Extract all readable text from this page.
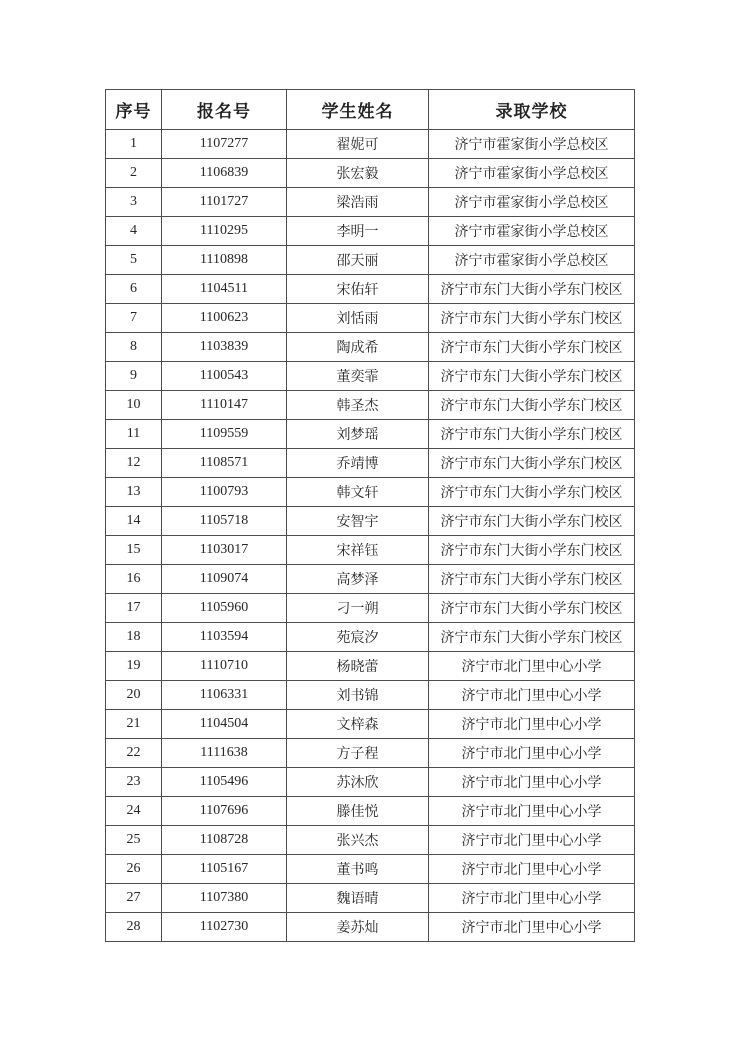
序号	报名号	学生姓名	录取学校
1	1107277	翟妮可	济宁市霍家街小学总校区
2	1106839	张宏毅	济宁市霍家街小学总校区
3	1101727	梁浩雨	济宁市霍家街小学总校区
4	1110295	李明一	济宁市霍家街小学总校区
5	1110898	邵天丽	济宁市霍家街小学总校区
6	1104511	宋佑轩	济宁市东门大街小学东门校区
7	1100623	刘恬雨	济宁市东门大街小学东门校区
8	1103839	陶成希	济宁市东门大街小学东门校区
9	1100543	董奕霏	济宁市东门大街小学东门校区
10	1110147	韩圣杰	济宁市东门大街小学东门校区
11	1109559	刘梦瑶	济宁市东门大街小学东门校区
12	1108571	乔靖博	济宁市东门大街小学东门校区
13	1100793	韩文轩	济宁市东门大街小学东门校区
14	1105718	安智宇	济宁市东门大街小学东门校区
15	1103017	宋祥钰	济宁市东门大街小学东门校区
16	1109074	高梦泽	济宁市东门大街小学东门校区
17	1105960	刁一朔	济宁市东门大街小学东门校区
18	1103594	苑宸汐	济宁市东门大街小学东门校区
19	1110710	杨晓蕾	济宁市北门里中心小学
20	1106331	刘书锦	济宁市北门里中心小学
21	1104504	文梓森	济宁市北门里中心小学
22	1111638	方子程	济宁市北门里中心小学
23	1105496	苏沐欣	济宁市北门里中心小学
24	1107696	滕佳悦	济宁市北门里中心小学
25	1108728	张兴杰	济宁市北门里中心小学
26	1105167	董书鸣	济宁市北门里中心小学
27	1107380	魏语晴	济宁市北门里中心小学
28	1102730	姜苏灿	济宁市北门里中心小学
